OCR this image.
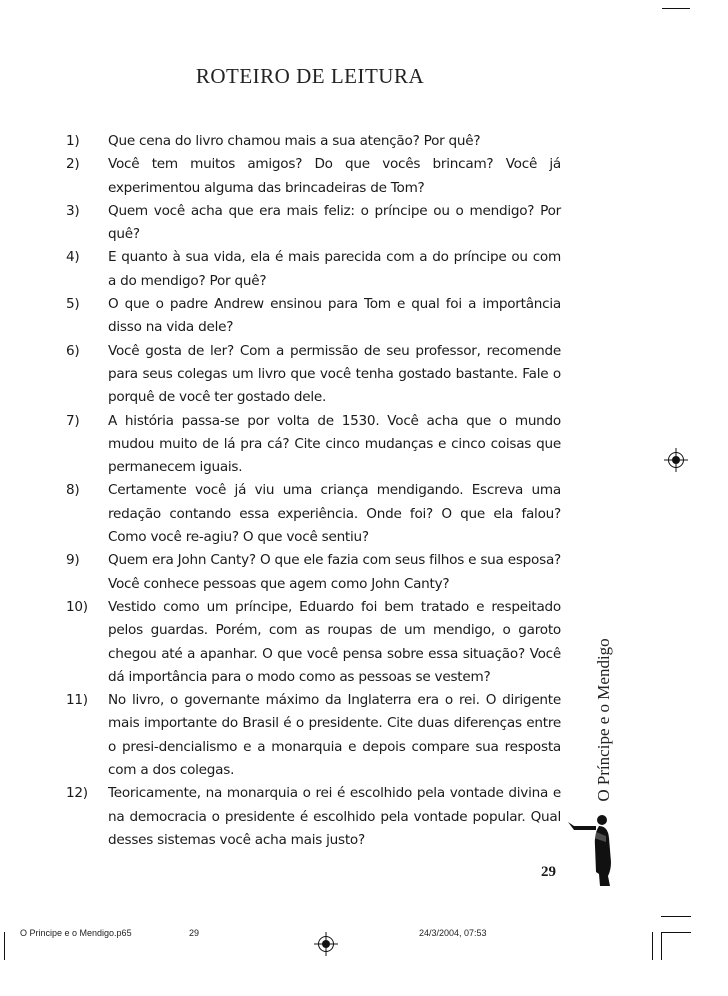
ROTEIRO DE LEITURA
1) Que cena do livro chamou mais a sua atenção? Por quê?
2) Você tem muitos amigos? Do que vocês brincam? Você já experimentou alguma das brincadeiras de Tom?
3) Quem você acha que era mais feliz: o príncipe ou o mendigo? Por quê?
4) E quanto à sua vida, ela é mais parecida com a do príncipe ou com a do mendigo? Por quê?
5) O que o padre Andrew ensinou para Tom e qual foi a importância disso na vida dele?
6) Você gosta de ler? Com a permissão de seu professor, recomende para seus colegas um livro que você tenha gostado bastante. Fale o porquê de você ter gostado dele.
7) A história passa-se por volta de 1530. Você acha que o mundo mudou muito de lá pra cá? Cite cinco mudanças e cinco coisas que permanecem iguais.
8) Certamente você já viu uma criança mendigando. Escreva uma redação contando essa experiência. Onde foi? O que ela falou? Como você re-agiu? O que você sentiu?
9) Quem era John Canty? O que ele fazia com seus filhos e sua esposa? Você conhece pessoas que agem como John Canty?
10) Vestido como um príncipe, Eduardo foi bem tratado e respeitado pelos guardas. Porém, com as roupas de um mendigo, o garoto chegou até a apanhar. O que você pensa sobre essa situação? Você dá importância para o modo como as pessoas se vestem?
11) No livro, o governante máximo da Inglaterra era o rei. O dirigente mais importante do Brasil é o presidente. Cite duas diferenças entre o presi-dencialismo e a monarquia e depois compare sua resposta com a dos colegas.
12) Teoricamente, na monarquia o rei é escolhido pela vontade divina e na democracia o presidente é escolhido pela vontade popular. Qual desses sistemas você acha mais justo?
O Príncipe e o Mendigo
29
O Principe e o Mendigo.p65	29	24/3/2004, 07:53
